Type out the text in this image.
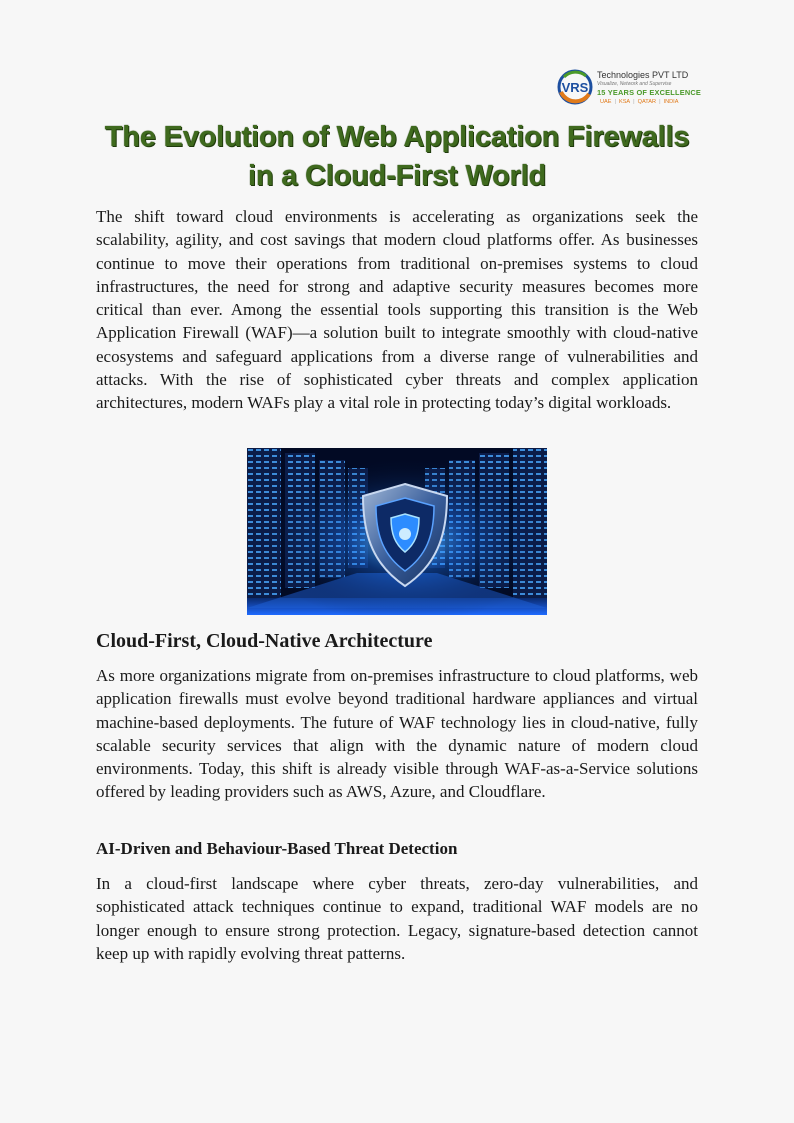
VRS
Technologies PVT LTD
Visualize, Network and Supervise
15 YEARS OF EXCELLENCE
UAE | KSA | QATAR | INDIA
The Evolution of Web Application Firewalls
in a Cloud-First World

The shift toward cloud environments is accelerating as organizations seek the scalability, agility, and cost savings that modern cloud platforms offer. As businesses continue to move their operations from traditional on-premises systems to cloud infrastructures, the need for strong and adaptive security measures becomes more critical than ever. Among the essential tools supporting this transition is the Web Application Firewall (WAF)—a solution built to integrate smoothly with cloud-native ecosystems and safeguard applications from a diverse range of vulnerabilities and attacks. With the rise of sophisticated cyber threats and complex application architectures, modern WAFs play a vital role in protecting today’s digital workloads.

Cloud-First, Cloud-Native Architecture

As more organizations migrate from on-premises infrastructure to cloud platforms, web application firewalls must evolve beyond traditional hardware appliances and virtual machine-based deployments. The future of WAF technology lies in cloud-native, fully scalable security services that align with the dynamic nature of modern cloud environments. Today, this shift is already visible through WAF-as-a-Service solutions offered by leading providers such as AWS, Azure, and Cloudflare.

AI-Driven and Behaviour-Based Threat Detection

In a cloud-first landscape where cyber threats, zero-day vulnerabilities, and sophisticated attack techniques continue to expand, traditional WAF models are no longer enough to ensure strong protection. Legacy, signature-based detection cannot keep up with rapidly evolving threat patterns.
